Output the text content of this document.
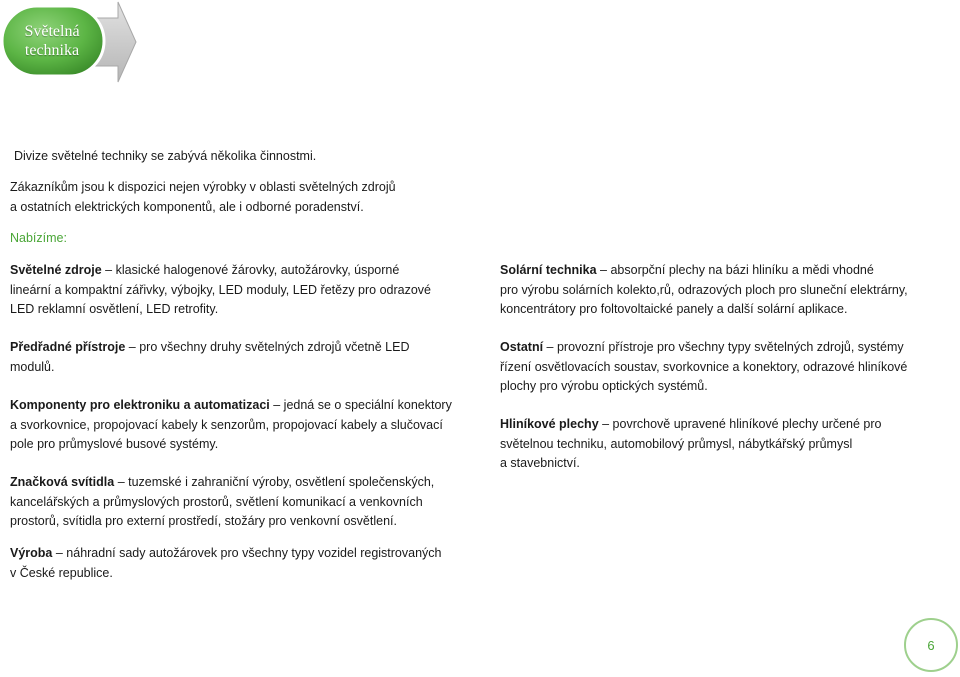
Světelná
technika

Divize světelné techniky se zabývá několika činnostmi.

Zákazníkům jsou k dispozici nejen výrobky v oblasti světelných zdrojů
a ostatních elektrických komponentů, ale i odborné poradenství.

Nabízíme:

Světelné zdroje – klasické halogenové žárovky, autožárovky, úsporné
lineární a kompaktní zářivky, výbojky, LED moduly, LED řetězy pro odrazové
LED reklamní osvětlení, LED retrofity.
Předřadné přístroje – pro všechny druhy světelných zdrojů včetně LED
modulů.
Komponenty pro elektroniku a automatizaci – jedná se o speciální konektory
a svorkovnice, propojovací kabely k senzorům, propojovací kabely a slučovací
pole pro průmyslové busové systémy.
Značková svítidla – tuzemské i zahraniční výroby, osvětlení společenských,
kancelářských a průmyslových prostorů, světlení komunikací a venkovních
prostorů, svítidla pro externí prostředí, stožáry pro venkovní osvětlení.
Výroba – náhradní sady autožárovek pro všechny typy vozidel registrovaných
v České republice.
Solární technika – absorpční plechy na bázi hliníku a mědi vhodné
pro výrobu solárních kolekto,rů, odrazových ploch pro sluneční elektrárny,
koncentrátory pro foltovoltaické panely a další solární aplikace.
Ostatní – provozní přístroje pro všechny typy světelných zdrojů, systémy
řízení osvětlovacích soustav, svorkovnice a konektory, odrazové hliníkové
plochy pro výrobu optických systémů.
Hliníkové plechy – povrchově upravené hliníkové plechy určené pro
světelnou techniku, automobilový průmysl, nábytkářský průmysl
a stavebnictví.
6
